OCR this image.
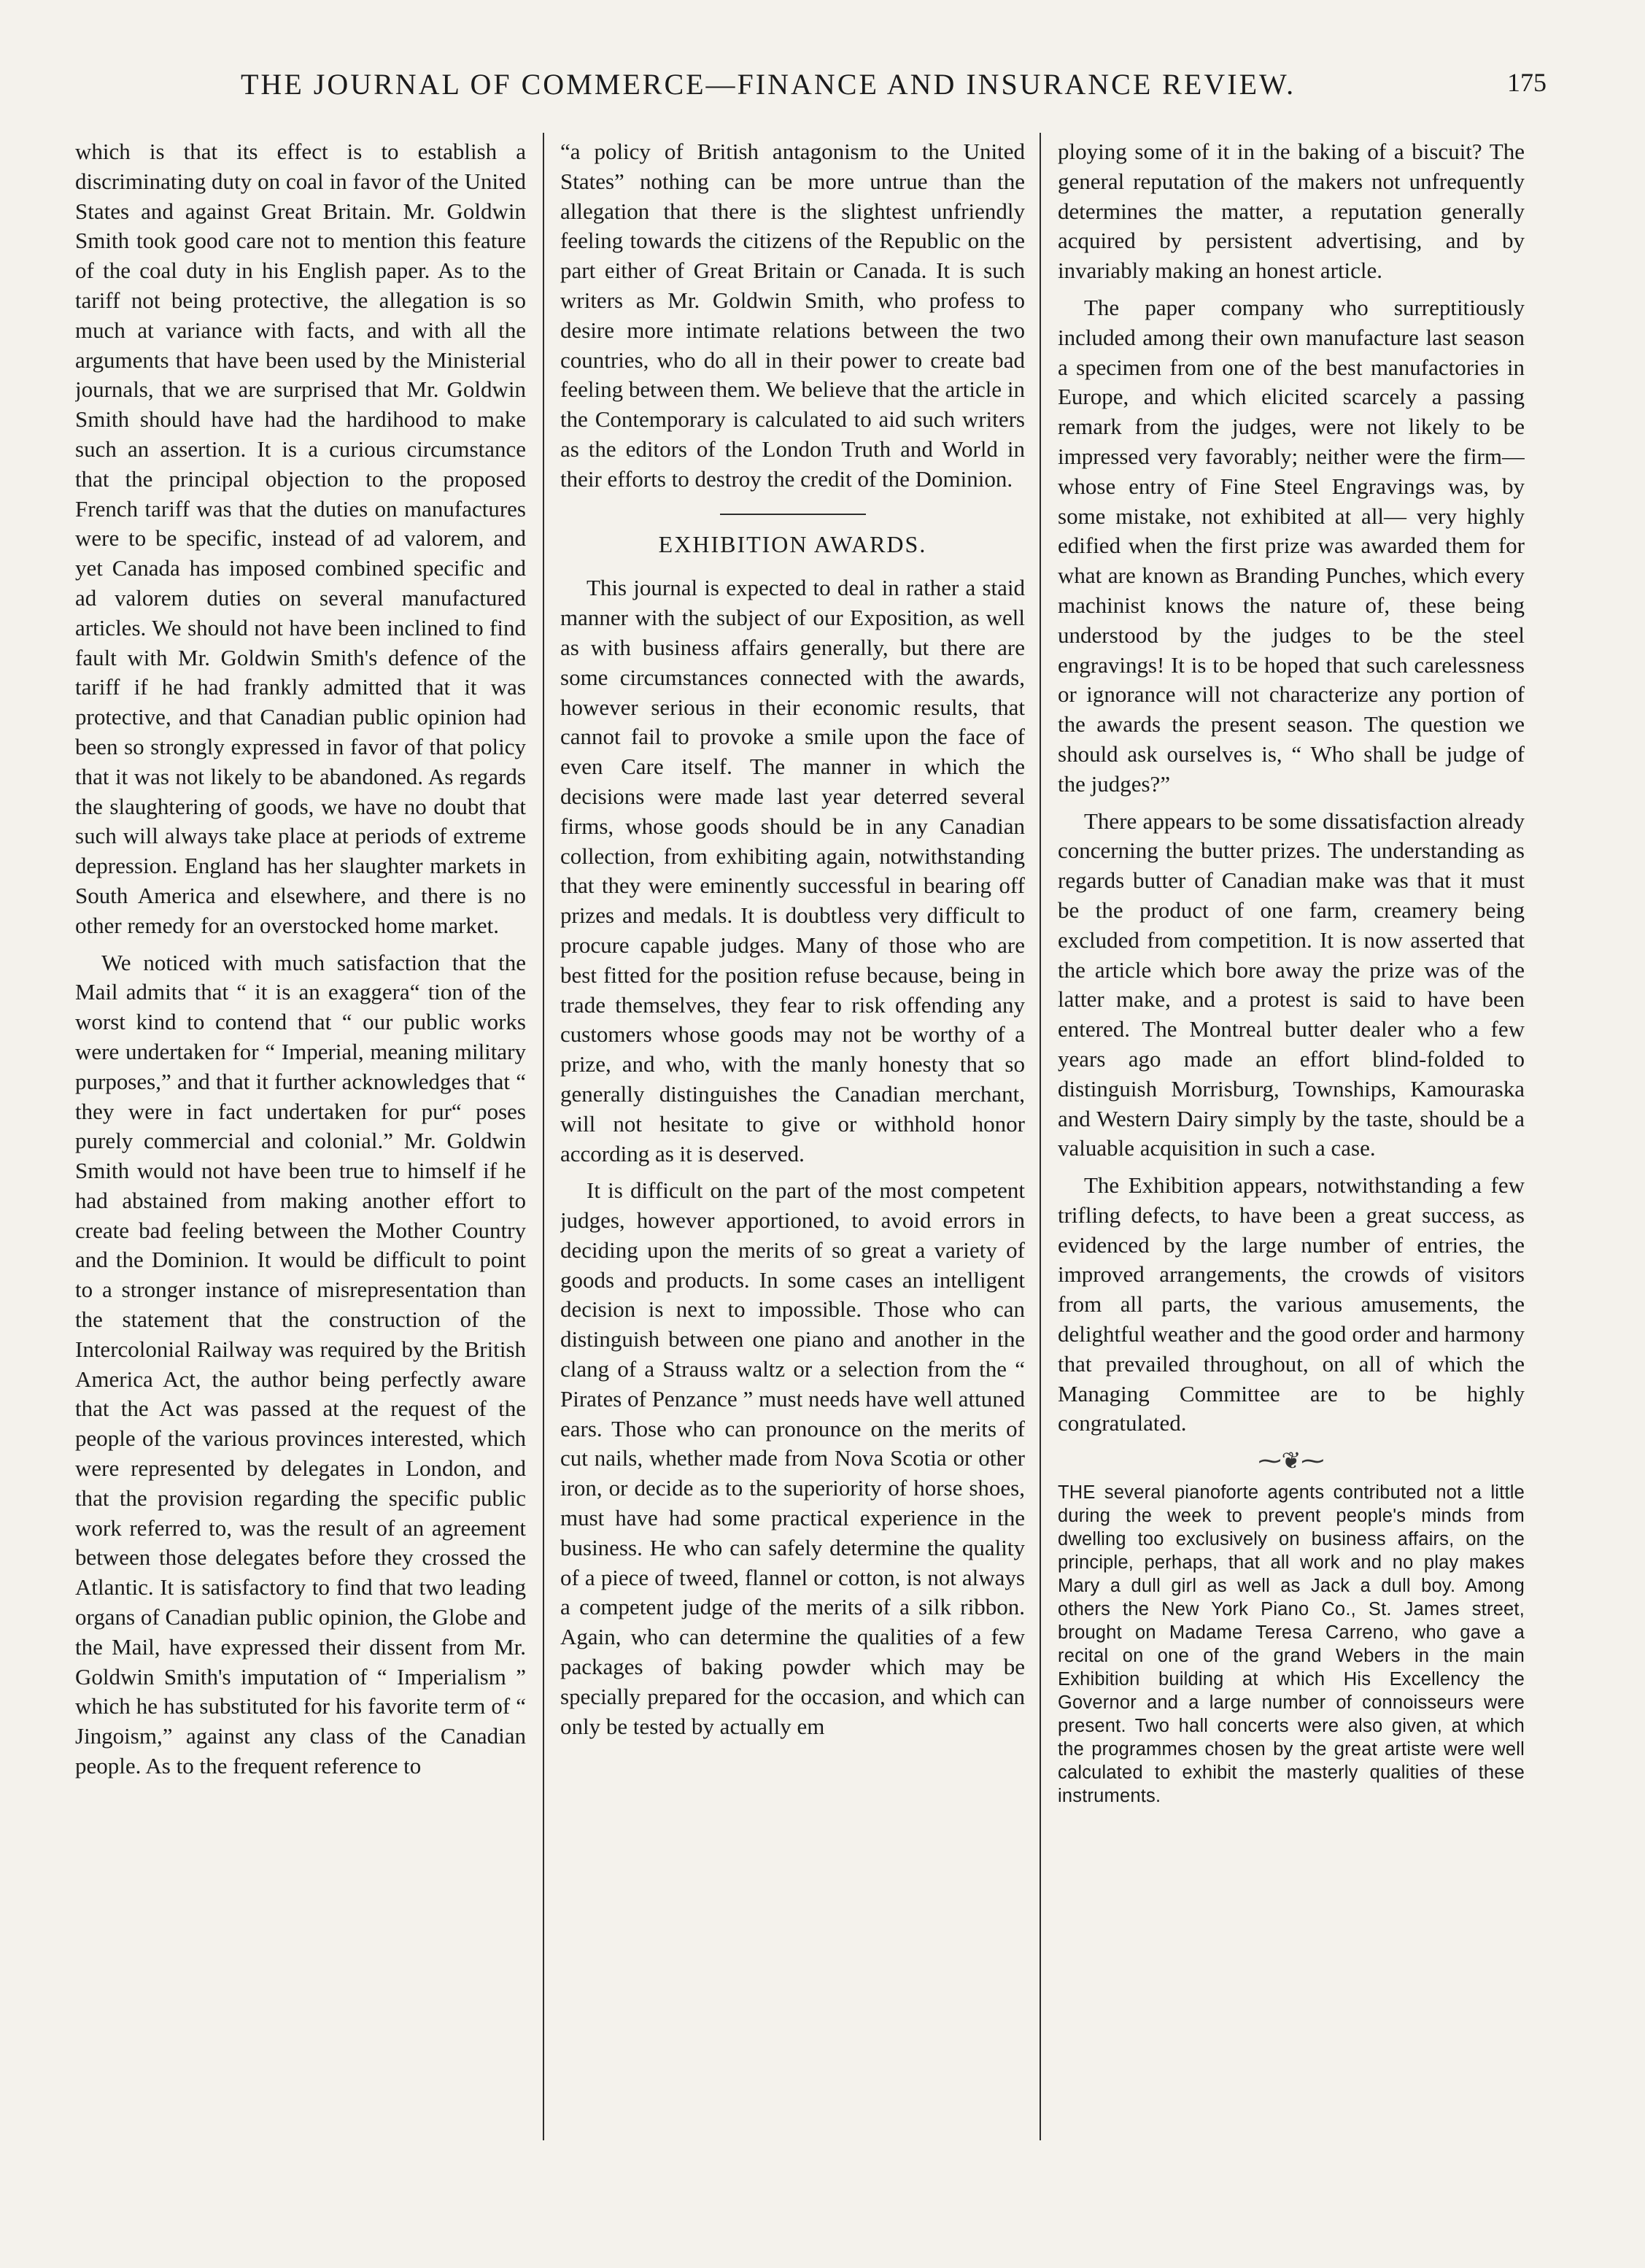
THE JOURNAL OF COMMERCE—FINANCE AND INSURANCE REVIEW.	175

which is that its effect is to establish a discriminating duty on coal in favor of the United States and against Great Britain. Mr. Goldwin Smith took good care not to mention this feature of the coal duty in his English paper. As to the tariff not being protective, the allegation is so much at variance with facts, and with all the arguments that have been used by the Ministerial journals, that we are surprised that Mr. Goldwin Smith should have had the hardihood to make such an assertion. It is a curious circumstance that the principal objection to the proposed French tariff was that the duties on manufactures were to be specific, instead of ad valorem, and yet Canada has imposed combined specific and ad valorem duties on several manufactured articles. We should not have been inclined to find fault with Mr. Goldwin Smith's defence of the tariff if he had frankly admitted that it was protective, and that Canadian public opinion had been so strongly expressed in favor of that policy that it was not likely to be abandoned. As regards the slaughtering of goods, we have no doubt that such will always take place at periods of extreme depression. England has her slaughter markets in South America and elsewhere, and there is no other remedy for an overstocked home market.

We noticed with much satisfaction that the Mail admits that “ it is an exaggera“ tion of the worst kind to contend that “ our public works were undertaken for “ Imperial, meaning military purposes,” and that it further acknowledges that “ they were in fact undertaken for pur“ poses purely commercial and colonial.” Mr. Goldwin Smith would not have been true to himself if he had abstained from making another effort to create bad feeling between the Mother Country and the Dominion. It would be difficult to point to a stronger instance of misrepresentation than the statement that the construction of the Intercolonial Railway was required by the British America Act, the author being perfectly aware that the Act was passed at the request of the people of the various provinces interested, which were represented by delegates in London, and that the provision regarding the specific public work referred to, was the result of an agreement between those delegates before they crossed the Atlantic. It is satisfactory to find that two leading organs of Canadian public opinion, the Globe and the Mail, have expressed their dissent from Mr. Goldwin Smith's imputation of “ Imperialism ” which he has substituted for his favorite term of “ Jingoism,” against any class of the Canadian people. As to the frequent reference to

“a policy of British antagonism to the United States” nothing can be more untrue than the allegation that there is the slightest unfriendly feeling towards the citizens of the Republic on the part either of Great Britain or Canada. It is such writers as Mr. Goldwin Smith, who profess to desire more intimate relations between the two countries, who do all in their power to create bad feeling between them. We believe that the article in the Contemporary is calculated to aid such writers as the editors of the London Truth and World in their efforts to destroy the credit of the Dominion.

EXHIBITION AWARDS.

This journal is expected to deal in rather a staid manner with the subject of our Exposition, as well as with business affairs generally, but there are some circumstances connected with the awards, however serious in their economic results, that cannot fail to provoke a smile upon the face of even Care itself. The manner in which the decisions were made last year deterred several firms, whose goods should be in any Canadian collection, from exhibiting again, notwithstanding that they were eminently successful in bearing off prizes and medals. It is doubtless very difficult to procure capable judges. Many of those who are best fitted for the position refuse because, being in trade themselves, they fear to risk offending any customers whose goods may not be worthy of a prize, and who, with the manly honesty that so generally distinguishes the Canadian merchant, will not hesitate to give or withhold honor according as it is deserved.

It is difficult on the part of the most competent judges, however apportioned, to avoid errors in deciding upon the merits of so great a variety of goods and products. In some cases an intelligent decision is next to impossible. Those who can distinguish between one piano and another in the clang of a Strauss waltz or a selection from the “ Pirates of Penzance ” must needs have well attuned ears. Those who can pronounce on the merits of cut nails, whether made from Nova Scotia or other iron, or decide as to the superiority of horse shoes, must have had some practical experience in the business. He who can safely determine the quality of a piece of tweed, flannel or cotton, is not always a competent judge of the merits of a silk ribbon. Again, who can determine the qualities of a few packages of baking powder which may be specially prepared for the occasion, and which can only be tested by actually em

ploying some of it in the baking of a biscuit? The general reputation of the makers not unfrequently determines the matter, a reputation generally acquired by persistent advertising, and by invariably making an honest article.

The paper company who surreptitiously included among their own manufacture last season a specimen from one of the best manufactories in Europe, and which elicited scarcely a passing remark from the judges, were not likely to be impressed very favorably; neither were the firm— whose entry of Fine Steel Engravings was, by some mistake, not exhibited at all— very highly edified when the first prize was awarded them for what are known as Branding Punches, which every machinist knows the nature of, these being understood by the judges to be the steel engravings! It is to be hoped that such carelessness or ignorance will not characterize any portion of the awards the present season. The question we should ask ourselves is, “ Who shall be judge of the judges?”

There appears to be some dissatisfaction already concerning the butter prizes. The understanding as regards butter of Canadian make was that it must be the product of one farm, creamery being excluded from competition. It is now asserted that the article which bore away the prize was of the latter make, and a protest is said to have been entered. The Montreal butter dealer who a few years ago made an effort blind-folded to distinguish Morrisburg, Townships, Kamouraska and Western Dairy simply by the taste, should be a valuable acquisition in such a case.

The Exhibition appears, notwithstanding a few trifling defects, to have been a great success, as evidenced by the large number of entries, the improved arrangements, the crowds of visitors from all parts, the various amusements, the delightful weather and the good order and harmony that prevailed throughout, on all of which the Managing Committee are to be highly congratulated.

⁓❦⁓

THE several pianoforte agents contributed not a little during the week to prevent people's minds from dwelling too exclusively on business affairs, on the principle, perhaps, that all work and no play makes Mary a dull girl as well as Jack a dull boy. Among others the New York Piano Co., St. James street, brought on Madame Teresa Carreno, who gave a recital on one of the grand Webers in the main Exhibition building at which His Excellency the Governor and a large number of connoisseurs were present. Two hall concerts were also given, at which the programmes chosen by the great artiste were well calculated to exhibit the masterly qualities of these instruments.
